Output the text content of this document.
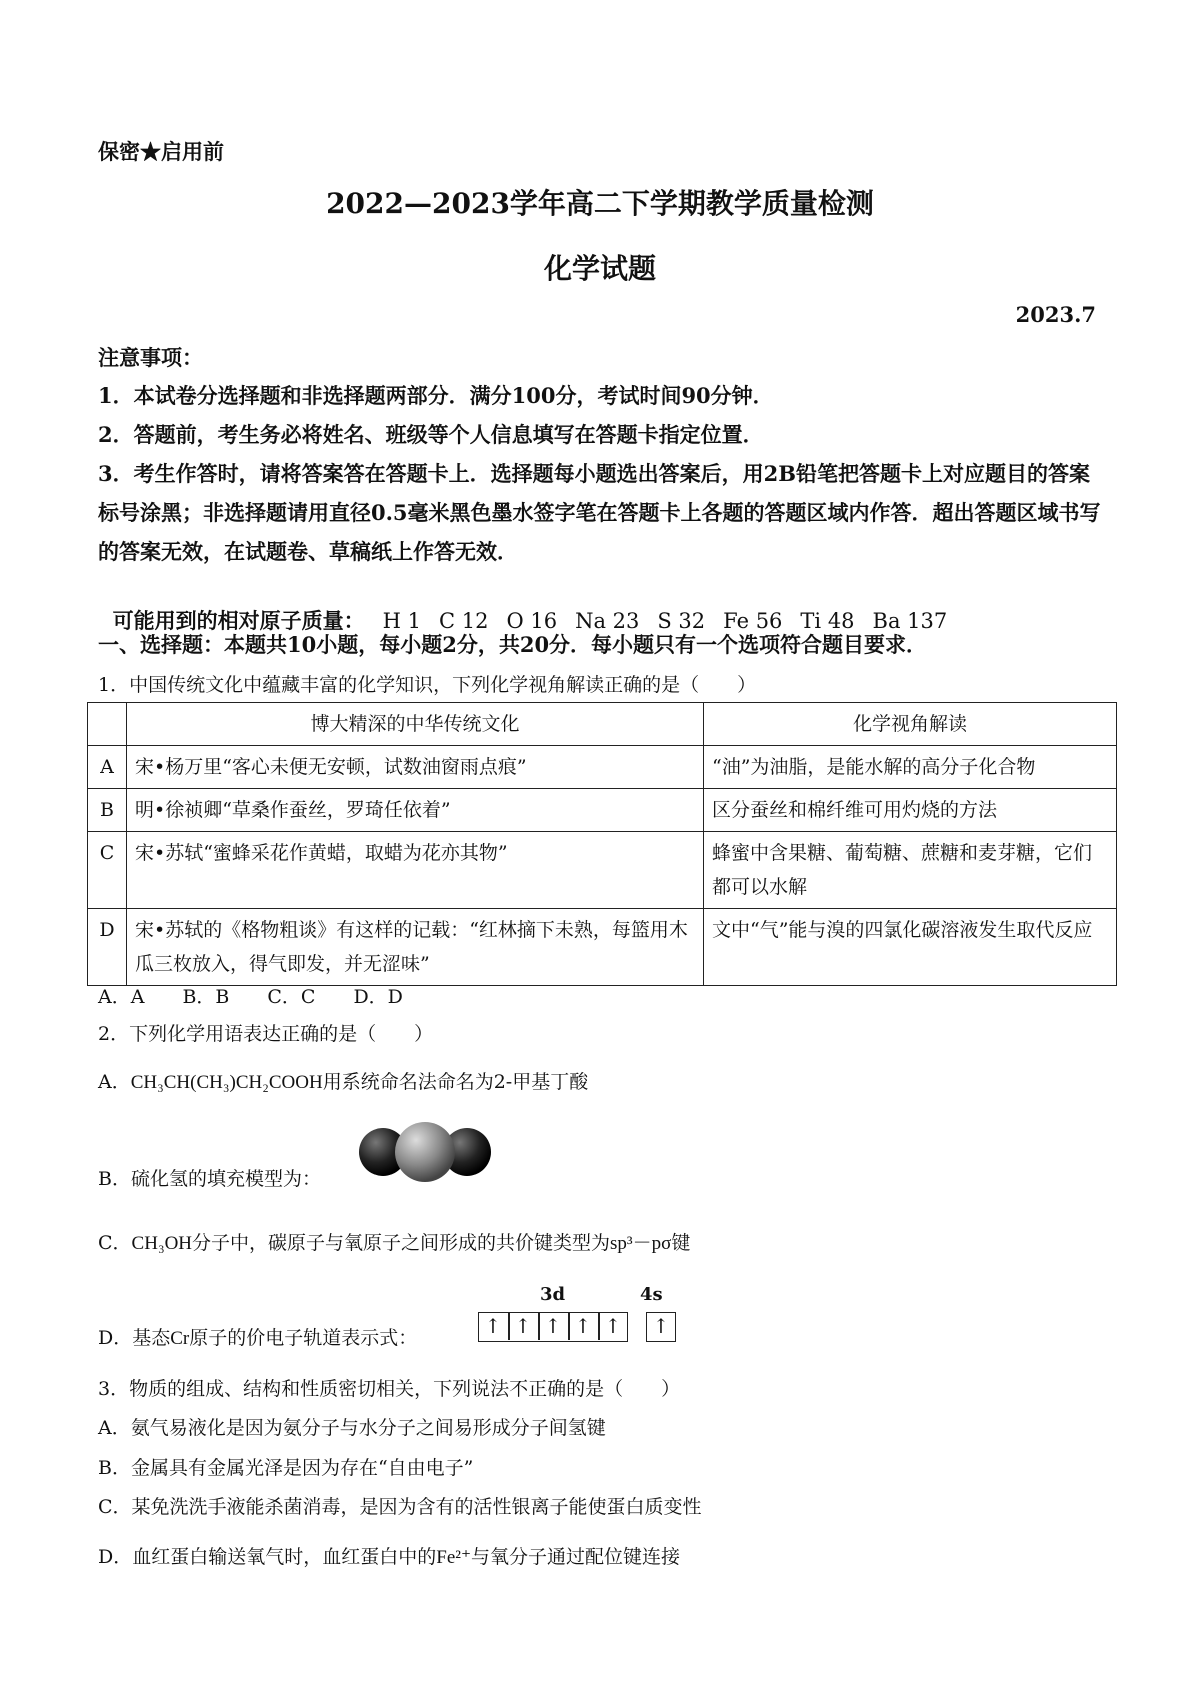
保密★启用前
2022—2023学年高二下学期教学质量检测
化学试题
2023.7
注意事项：
1．本试卷分选择题和非选择题两部分．满分100分，考试时间90分钟．
2．答题前，考生务必将姓名、班级等个人信息填写在答题卡指定位置．
3．考生作答时，请将答案答在答题卡上．选择题每小题选出答案后，用2B铅笔把答题卡上对应题目的答案标号涂黑；非选择题请用直径0.5毫米黑色墨水签字笔在答题卡上各题的答题区域内作答．超出答题区域书写的答案无效，在试题卷、草稿纸上作答无效．

可能用到的相对原子质量： H 1 C 12 O 16 Na 23 S 32 Fe 56 Ti 48 Ba 137

一、选择题：本题共10小题，每小题2分，共20分．每小题只有一个选项符合题目要求．
1．中国传统文化中蕴藏丰富的化学知识，下列化学视角解读正确的是（　　）
	博大精深的中华传统文化	化学视角解读
A	宋•杨万里“客心未便无安顿，试数油窗雨点痕”	“油”为油脂，是能水解的高分子化合物
B	明•徐祯卿“草桑作蚕丝，罗琦任依着”	区分蚕丝和棉纤维可用灼烧的方法
C	宋•苏轼“蜜蜂采花作黄蜡，取蜡为花亦其物”	蜂蜜中含果糖、葡萄糖、蔗糖和麦芽糖，它们都可以水解
D	宋•苏轼的《格物粗谈》有这样的记载：“红林摘下未熟，每篮用木瓜三枚放入，得气即发，并无涩味”	文中“气”能与溴的四氯化碳溶液发生取代反应
A．A　　B．B　　C．C　　D．D
2．下列化学用语表达正确的是（　　）
A．CH₃CH(CH₃)CH₂COOH用系统命名法命名为2-甲基丁酸
B．硫化氢的填充模型为：
C．CH₃OH分子中，碳原子与氧原子之间形成的共价键类型为sp³－pσ键
D．基态Cr原子的价电子轨道表示式：
3d	4s
↑ ↑ ↑ ↑ ↑	↑
3．物质的组成、结构和性质密切相关，下列说法不正确的是（　　）
A．氨气易液化是因为氨分子与水分子之间易形成分子间氢键
B．金属具有金属光泽是因为存在“自由电子”
C．某免洗洗手液能杀菌消毒，是因为含有的活性银离子能使蛋白质变性
D．血红蛋白输送氧气时，血红蛋白中的Fe²⁺与氧分子通过配位键连接
